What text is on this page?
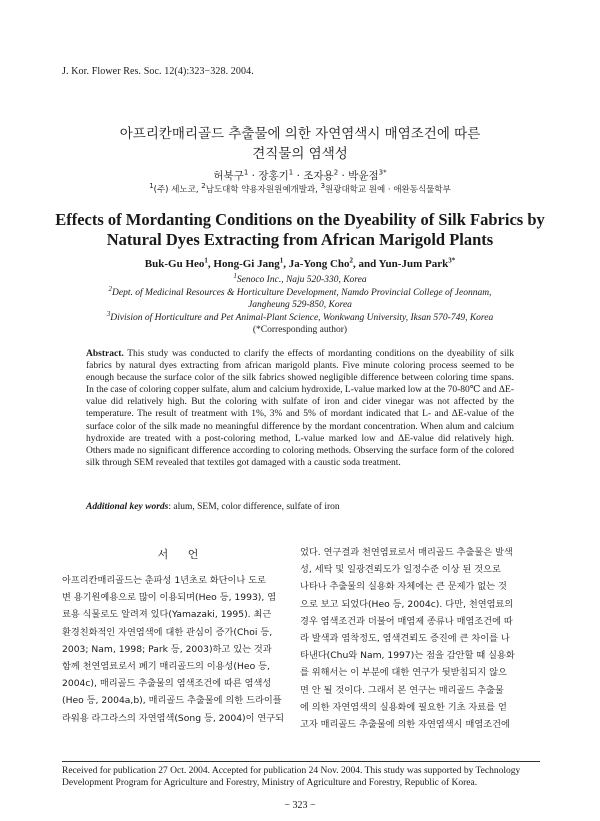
J. Kor. Flower Res. Soc. 12(4):323−328. 2004.
아프리칸매리골드 추출물에 의한 자연염색시 매염조건에 따른
견직물의 염색성
허북구$^1$ · 장홍기$^1$ · 조자용$^2$ · 박윤점$^{3*}$
$^1$(주) 세노코, $^2$남도대학 약용자원원예개발과, $^3$원광대학교 원예 · 애완동식물학부
Effects of Mordanting Conditions on the Dyeability of Silk Fabrics by
Natural Dyes Extracting from African Marigold Plants
Buk-Gu Heo$^1$, Hong-Gi Jang$^1$, Ja-Yong Cho$^2$, and Yun-Jum Park$^{3*}$
$^1$Senoco Inc., Naju 520-330, Korea
$^2$Dept. of Medicinal Resources & Horticulture Development, Namdo Provincial College of Jeonnam,
Jangheung 529-850, Korea
$^3$Division of Horticulture and Pet Animal-Plant Science, Wonkwang University, Iksan 570-749, Korea
(*Corresponding author)
Abstract. This study was conducted to clarify the effects of mordanting conditions on the dyeability of silk fabrics by natural dyes extracting from african marigold plants. Five minute coloring process seemed to be enough because the surface color of the silk fabrics showed negligible difference between coloring time spans. In the case of coloring copper sulfate, alum and calcium hydroxide, L-value marked low at the 70-80℃ and ΔE-value did relatively high. But the coloring with sulfate of iron and cider vinegar was not affected by the temperature. The result of treatment with 1%, 3% and 5% of mordant indicated that L- and ΔE-value of the surface color of the silk made no meaningful difference by the mordant concentration. When alum and calcium hydroxide are treated with a post-coloring method, L-value marked low and ΔE-value did relatively high. Others made no significant difference according to coloring methods. Observing the surface form of the colored silk through SEM revealed that textiles got damaged with a caustic soda treatment.
Additional key words: alum, SEM, color difference, sulfate of iron
서 언
아프리칸매리골드는 춘파성 1년초로 화단이나 도로
변 용기원예용으로 많이 이용되며(Heo 등, 1993), 염
료용 식물로도 알려져 있다(Yamazaki, 1995). 최근
환경친화적인 자연염색에 대한 관심이 증가(Choi 등,
2003; Nam, 1998; Park 등, 2003)하고 있는 것과
함께 천연염료로서 폐기 매리골드의 이용성(Heo 등,
2004c), 매리골드 추출물의 염색조건에 따른 염색성
(Heo 등, 2004a,b), 매리골드 추출물에 의한 드라이플
라워용 라그라스의 자연염색(Song 등, 2004)이 연구되
었다. 연구결과 천연염료로서 매리골드 추출물은 발색
성, 세탁 및 일광견뢰도가 일정수준 이상 된 것으로
나타나 추출물의 실용화 자체에는 큰 문제가 없는 것
으로 보고 되었다(Heo 등, 2004c). 다만, 천연염료의
경우 염색조건과 더불어 매염제 종류나 매염조건에 따
라 발색과 염착정도, 염색견뢰도 증진에 큰 차이를 나
타낸다(Chu와 Nam, 1997)는 점을 감안할 때 실용화
를 위해서는 이 부분에 대한 연구가 뒷받침되지 않으
면 안 될 것이다. 그래서 본 연구는 매리골드 추출물
에 의한 자연염색의 실용화에 필요한 기초 자료를 얻
고자 매리골드 추출물에 의한 자연염색시 매염조건에
Received for publication 27 Oct. 2004. Accepted for publication 24 Nov. 2004. This study was supported by Technology
Development Program for Agriculture and Forestry, Ministry of Agriculture and Forestry, Republic of Korea.
− 323 −
